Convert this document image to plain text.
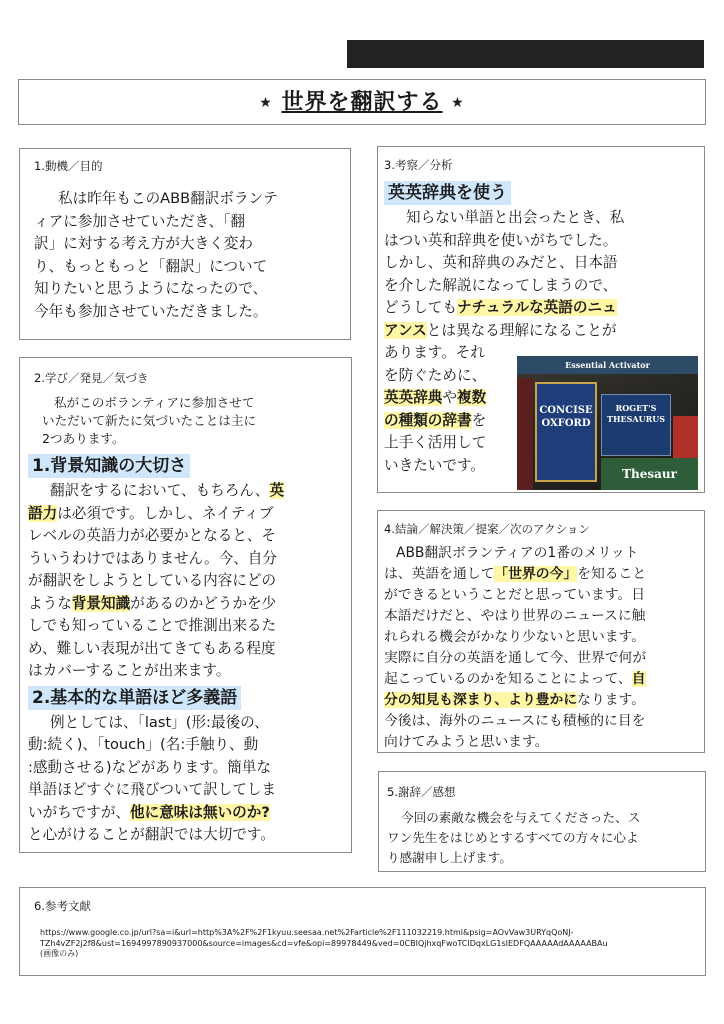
★ 世界を翻訳する ★

1.動機／目的

私は昨年もこのABB翻訳ボランテ

ィアに参加させていただき、「翻

訳」に対する考え方が大きく変わ

り、もっともっと「翻訳」について

知りたいと思うようになったので、

今年も参加させていただきました。

2.学び／発見／気づき

私がこのボランティアに参加させて

いただいて新たに気づいたことは主に

2つあります。

1.背景知識の大切さ

翻訳をするにおいて、もちろん、英

語力は必須です。しかし、ネイティブ

レベルの英語力が必要かとなると、そ

ういうわけではありません。今、自分

が翻訳をしようとしている内容にどの

ような背景知識があるのかどうかを少

しでも知っていることで推測出来るた

め、難しい表現が出てきてもある程度

はカバーすることが出来ます。

2.基本的な単語ほど多義語

例としては、「last」(形:最後の、

動:続く)、「touch」(名:手触り、動

:感動させる)などがあります。簡単な

単語ほどすぐに飛びついて訳してしま

いがちですが、他に意味は無いのか?

と心がけることが翻訳では大切です。

3.考察／分析

英英辞典を使う

知らない単語と出会ったとき、私

はつい英和辞典を使いがちでした。

しかし、英和辞典のみだと、日本語

を介した解説になってしまうので、

どうしてもナチュラルな英語のニュ

アンスとは異なる理解になることが

あります。それ

を防ぐために、

英英辞典や複数

の種類の辞書を

上手く活用して

いきたいです。

Essential Activator
CONCISE
OXFORD
ROGET'S
THESAURUS
Thesaur

4.結論／解決策／提案／次のアクション

ABB翻訳ボランティアの1番のメリット

は、英語を通して「世界の今」を知ること

ができるということだと思っています。日

本語だけだと、やはり世界のニュースに触

れられる機会がかなり少ないと思います。

実際に自分の英語を通して今、世界で何が

起こっているのかを知ることによって、自

分の知見も深まり、より豊かになります。

今後は、海外のニュースにも積極的に目を

向けてみようと思います。

5.謝辞／感想

今回の素敵な機会を与えてくださった、ス

ワン先生をはじめとするすべての方々に心よ

り感謝申し上げます。

6.参考文献

https://www.google.co.jp/url?sa=i&url=http%3A%2F%2F1kyuu.seesaa.net%2Farticle%2F111032219.html&psig=AOvVaw3URYqQoNJ-

TZh4vZF2j2f8&ust=1694997890937000&source=images&cd=vfe&opi=89978449&ved=0CBIQjhxqFwoTCIDqxLG1sIEDFQAAAAAdAAAAABAu

(画像のみ)
